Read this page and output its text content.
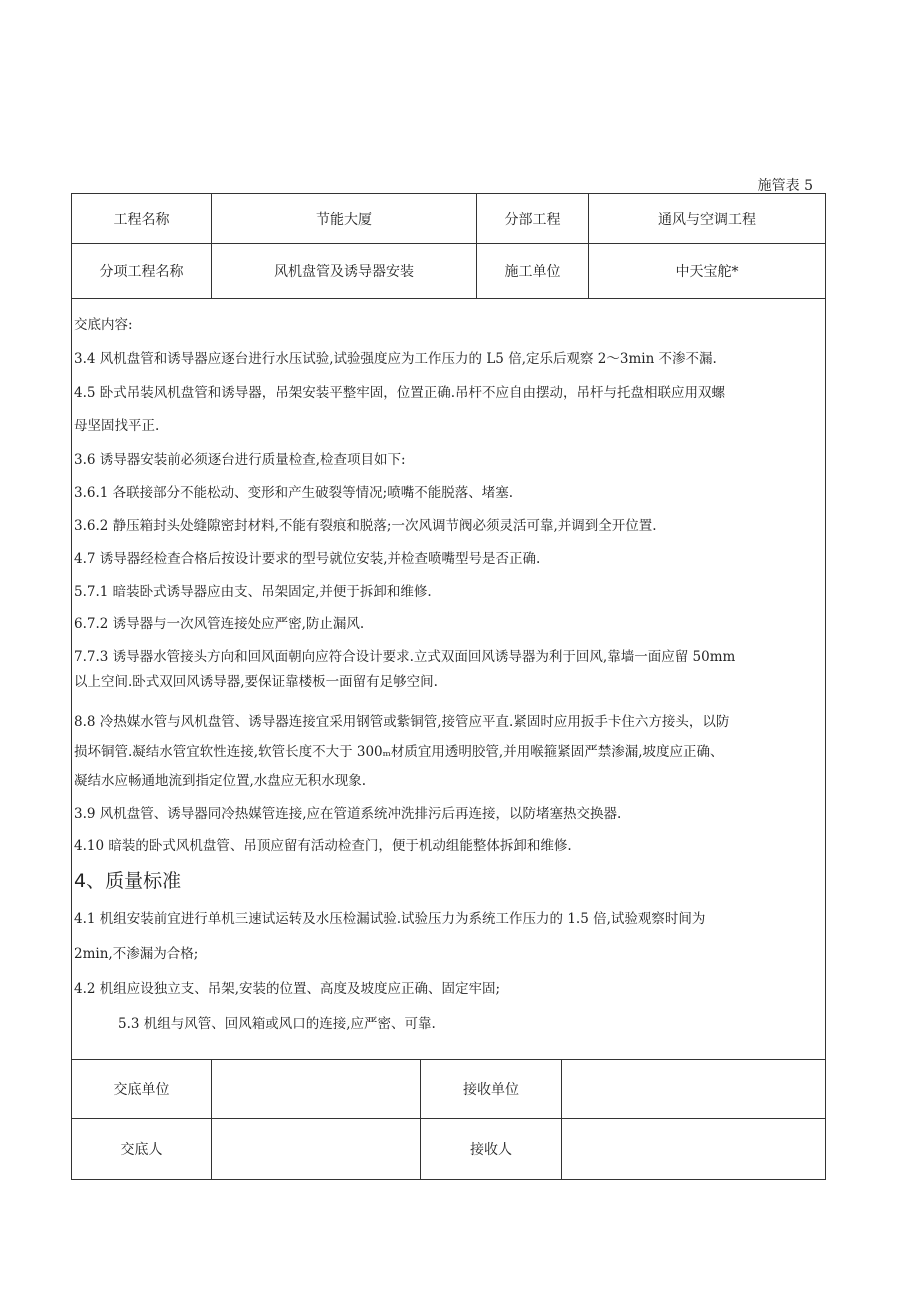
施管表 5
工程名称	节能大厦	分部工程	通风与空调工程
分项工程名称	风机盘管及诱导器安装	施工单位	中天宝舵*
交底内容:
3.4 风机盘管和诱导器应逐台进行水压试验,试验强度应为工作压力的 L5 倍,定乐后观察 2～3min 不渗不漏.
4.5 卧式吊装风机盘管和诱导器，吊架安装平整牢固，位置正确.吊杆不应自由摆动，吊杆与托盘相联应用双螺
母坚固找平正.
3.6 诱导器安装前必须逐台进行质量检查,检查项目如下:
3.6.1 各联接部分不能松动、变形和产生破裂等情况;喷嘴不能脱落、堵塞.
3.6.2 静压箱封头处缝隙密封材料,不能有裂痕和脱落;一次风调节阀必须灵活可靠,并调到全开位置.
4.7 诱导器经检查合格后按设计要求的型号就位安装,并检查喷嘴型号是否正确.
5.7.1 暗装卧式诱导器应由支、吊架固定,并便于拆卸和维修.
6.7.2 诱导器与一次风管连接处应严密,防止漏风.
7.7.3 诱导器水管接头方向和回风面朝向应符合设计要求.立式双面回风诱导器为利于回风,靠墙一面应留 50mm
以上空间.卧式双回风诱导器,要保证靠楼板一面留有足够空间.
8.8 冷热媒水管与风机盘管、诱导器连接宜采用钢管或紫铜管,接管应平直.紧固时应用扳手卡住六方接头，以防
损坏铜管.凝结水管宜软性连接,软管长度不大于 300ₘ材质宜用透明胶管,并用喉箍紧固严禁渗漏,坡度应正确、
凝结水应畅通地流到指定位置,水盘应无积水现象.
3.9 风机盘管、诱导器同冷热媒管连接,应在管道系统冲洗排污后再连接，以防堵塞热交换器.
4.10 暗装的卧式风机盘管、吊顶应留有活动检查门，便于机动组能整体拆卸和维修.
4、质量标准
4.1 机组安装前宜进行单机三速试运转及水压检漏试验.试验压力为系统工作压力的 1.5 倍,试验观察时间为
2min,不渗漏为合格;
4.2 机组应设独立支、吊架,安装的位置、高度及坡度应正确、固定牢固;
5.3 机组与风管、回风箱或风口的连接,应严密、可靠.
交底单位	接收单位
交底人	接收人
